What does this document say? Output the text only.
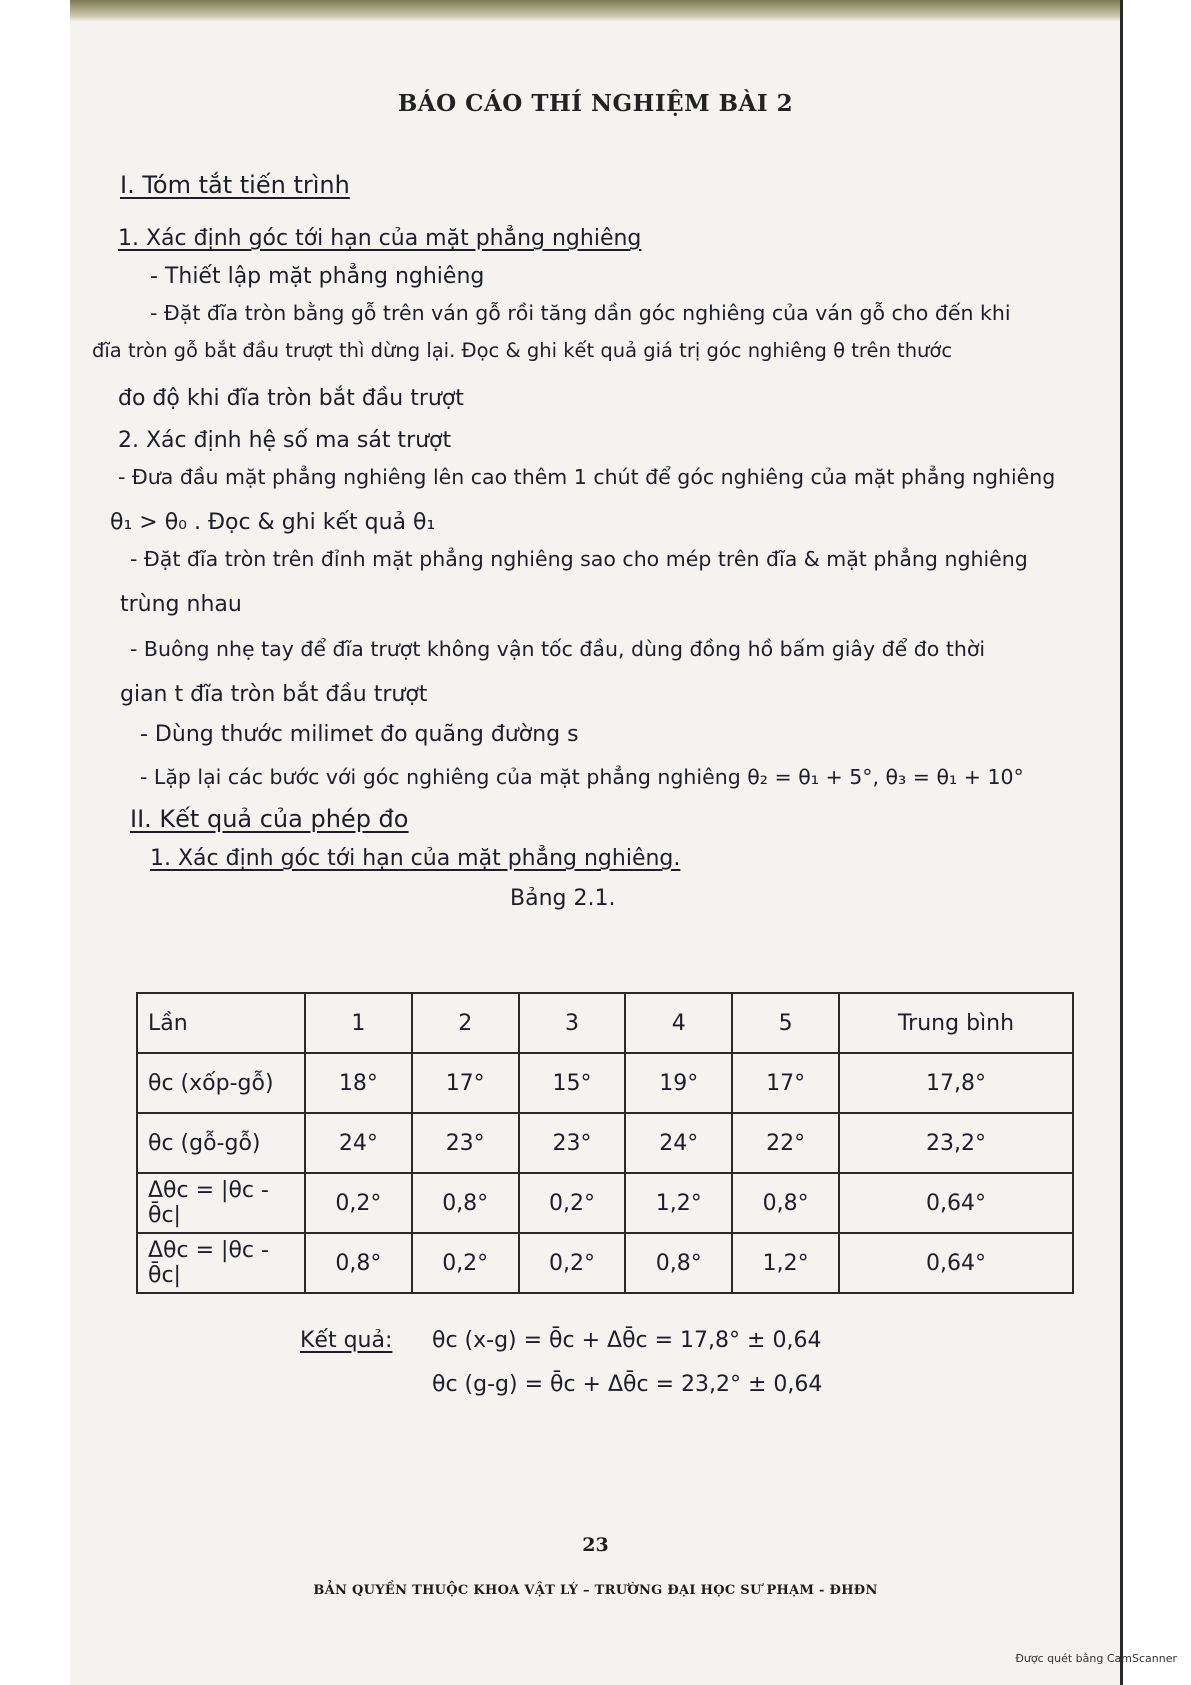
BÁO CÁO THÍ NGHIỆM BÀI 2
I. Tóm tắt tiến trình
1. Xác định góc tới hạn của mặt phẳng nghiêng
- Thiết lập mặt phẳng nghiêng
- Đặt đĩa tròn bằng gỗ trên ván gỗ rồi tăng dần góc nghiêng của ván gỗ cho đến khi
đĩa tròn gỗ bắt đầu trượt thì dừng lại. Đọc & ghi kết quả giá trị góc nghiêng θ trên thước
đo độ khi đĩa tròn bắt đầu trượt
2. Xác định hệ số ma sát trượt
- Đưa đầu mặt phẳng nghiêng lên cao thêm 1 chút để góc nghiêng của mặt phẳng nghiêng
θ₁ > θ₀ . Đọc & ghi kết quả θ₁
- Đặt đĩa tròn trên đỉnh mặt phẳng nghiêng sao cho mép trên đĩa & mặt phẳng nghiêng
trùng nhau
- Buông nhẹ tay để đĩa trượt không vận tốc đầu, dùng đồng hồ bấm giây để đo thời
gian t đĩa tròn bắt đầu trượt
- Dùng thước milimet đo quãng đường s
- Lặp lại các bước với góc nghiêng của mặt phẳng nghiêng θ₂ = θ₁ + 5°, θ₃ = θ₁ + 10°
II. Kết quả của phép đo
1. Xác định góc tới hạn của mặt phẳng nghiêng.
Bảng 2.1.
Lần	1	2	3	4	5	Trung bình
θc (xốp-gỗ)	18°	17°	15°	19°	17°	17,8°
θc (gỗ-gỗ)	24°	23°	23°	24°	22°	23,2°
Δθc = |θc - θ̄c|	0,2°	0,8°	0,2°	1,2°	0,8°	0,64°
Δθc = |θc - θ̄c|	0,8°	0,2°	0,2°	0,8°	1,2°	0,64°
Kết quả: θc (x-g) = θ̄c + Δθ̄c = 17,8° ± 0,64
θc (g-g) = θ̄c + Δθ̄c = 23,2° ± 0,64
23
BẢN QUYỀN THUỘC KHOA VẬT LÝ – TRƯỜNG ĐẠI HỌC SƯ PHẠM - ĐHĐN
Được quét bằng CamScanner
